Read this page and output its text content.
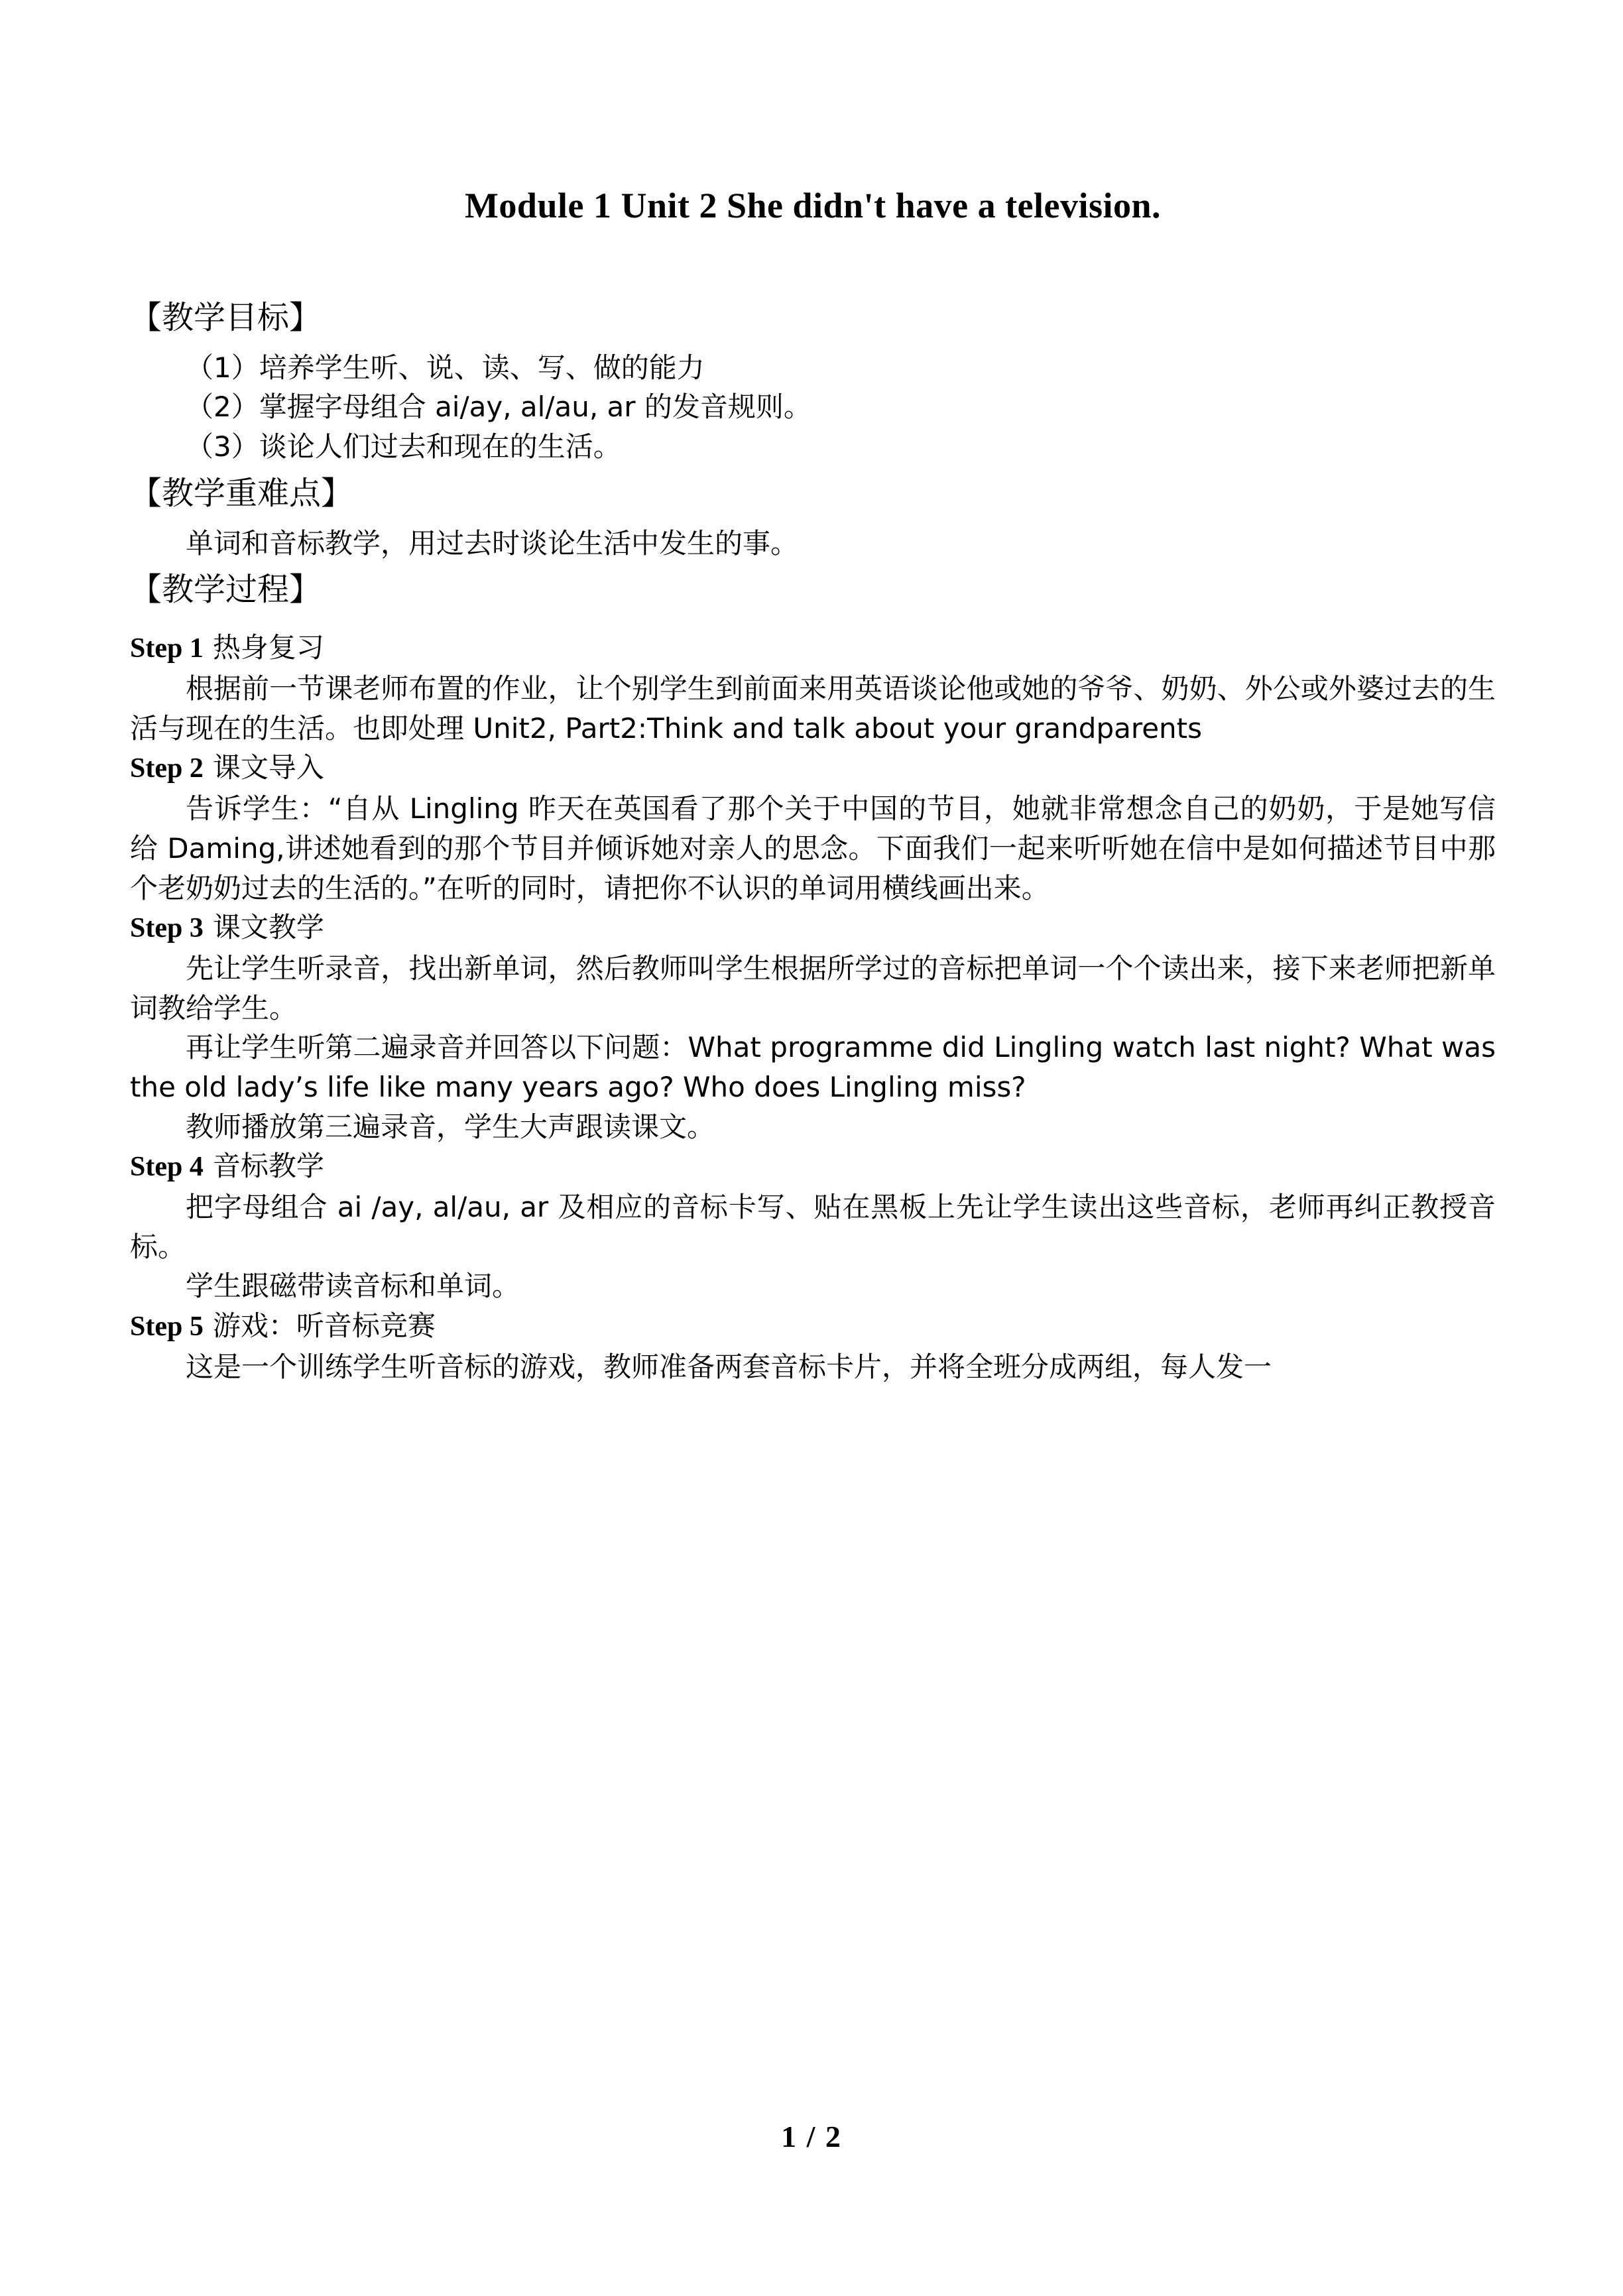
Module 1 Unit 2 She didn't have a television.
【教学目标】

（1）培养学生听、说、读、写、做的能力

（2）掌握字母组合 ai/ay, al/au, ar 的发音规则。

（3）谈论人们过去和现在的生活。

【教学重难点】

单词和音标教学，用过去时谈论生活中发生的事。

【教学过程】
Step 1 热身复习

根据前一节课老师布置的作业，让个别学生到前面来用英语谈论他或她的爷爷、奶奶、外公或外婆过去的生活与现在的生活。也即处理 Unit2, Part2:Think and talk about your grandparents

Step 2 课文导入

告诉学生：“自从 Lingling 昨天在英国看了那个关于中国的节目，她就非常想念自己的奶奶，于是她写信给 Daming,讲述她看到的那个节目并倾诉她对亲人的思念。下面我们一起来听听她在信中是如何描述节目中那个老奶奶过去的生活的。”在听的同时，请把你不认识的单词用横线画出来。

Step 3 课文教学

先让学生听录音，找出新单词，然后教师叫学生根据所学过的音标把单词一个个读出来，接下来老师把新单词教给学生。

再让学生听第二遍录音并回答以下问题：What programme did Lingling watch last night? What was the old lady’s life like many years ago? Who does Lingling miss?

教师播放第三遍录音，学生大声跟读课文。

Step 4 音标教学

把字母组合 ai /ay, al/au, ar 及相应的音标卡写、贴在黑板上先让学生读出这些音标，老师再纠正教授音标。

学生跟磁带读音标和单词。

Step 5 游戏：听音标竞赛

这是一个训练学生听音标的游戏，教师准备两套音标卡片，并将全班分成两组，每人发一

1 / 2
